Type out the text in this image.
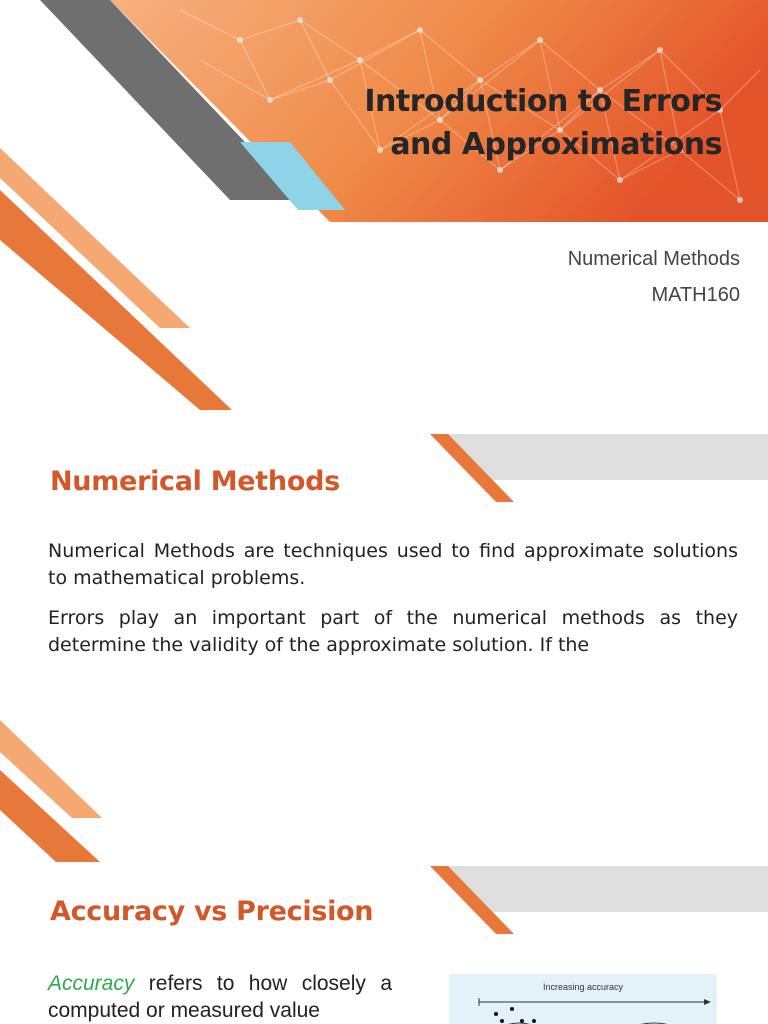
Introduction to Errors
and Approximations
Numerical Methods
MATH160
Numerical Methods

Numerical Methods are techniques used to find approximate solutions to mathematical problems.

Errors play an important part of the numerical methods as they determine the validity of the approximate solution. If the

Accuracy vs Precision

Accuracy refers to how closely a computed or measured value

Increasing accuracy
